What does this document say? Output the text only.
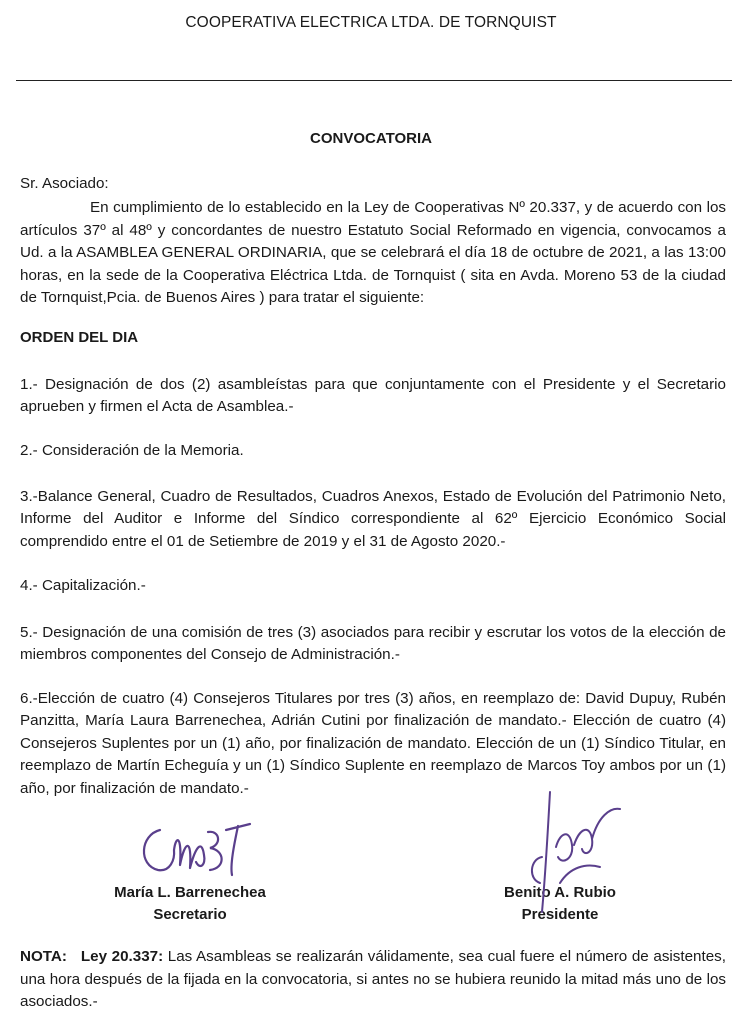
COOPERATIVA ELECTRICA LTDA. DE TORNQUIST
CONVOCATORIA
Sr. Asociado:
En cumplimiento de lo establecido en la Ley de Cooperativas Nº 20.337, y de acuerdo con los artículos 37º al 48º y concordantes de nuestro Estatuto Social Reformado en vigencia, convocamos a Ud. a la ASAMBLEA GENERAL ORDINARIA, que se celebrará el día 18 de octubre de 2021, a las 13:00 horas, en la sede de la Cooperativa Eléctrica Ltda. de Tornquist ( sita en Avda. Moreno 53 de la ciudad de Tornquist,Pcia. de Buenos Aires ) para tratar el siguiente:
ORDEN DEL DIA
1.- Designación de dos (2) asambleístas para que conjuntamente con el Presidente y el Secretario aprueben y firmen el Acta de Asamblea.-
2.- Consideración de la Memoria.
3.-Balance General, Cuadro de Resultados, Cuadros Anexos, Estado de Evolución del Patrimonio Neto, Informe del Auditor e Informe del Síndico correspondiente al 62º Ejercicio Económico Social comprendido entre el 01 de Setiembre de 2019 y el 31 de Agosto 2020.-
4.- Capitalización.-
5.- Designación de una comisión de tres (3) asociados para recibir y escrutar los votos de la elección de miembros componentes del Consejo de Administración.-
6.-Elección de cuatro (4) Consejeros Titulares por tres (3) años, en reemplazo de: David Dupuy, Rubén Panzitta, María Laura Barrenechea, Adrián Cutini por finalización de mandato.- Elección de cuatro (4) Consejeros Suplentes por un (1) año, por finalización de mandato. Elección de un (1) Síndico Titular, en reemplazo de Martín Echeguía y un (1) Síndico Suplente en reemplazo de Marcos Toy ambos por un (1) año, por finalización de mandato.-
María L. Barrenechea
Secretario
Benito A. Rubio
Presidente
NOTA: Ley 20.337: Las Asambleas se realizarán válidamente, sea cual fuere el número de asistentes, una hora después de la fijada en la convocatoria, si antes no se hubiera reunido la mitad más uno de los asociados.-
